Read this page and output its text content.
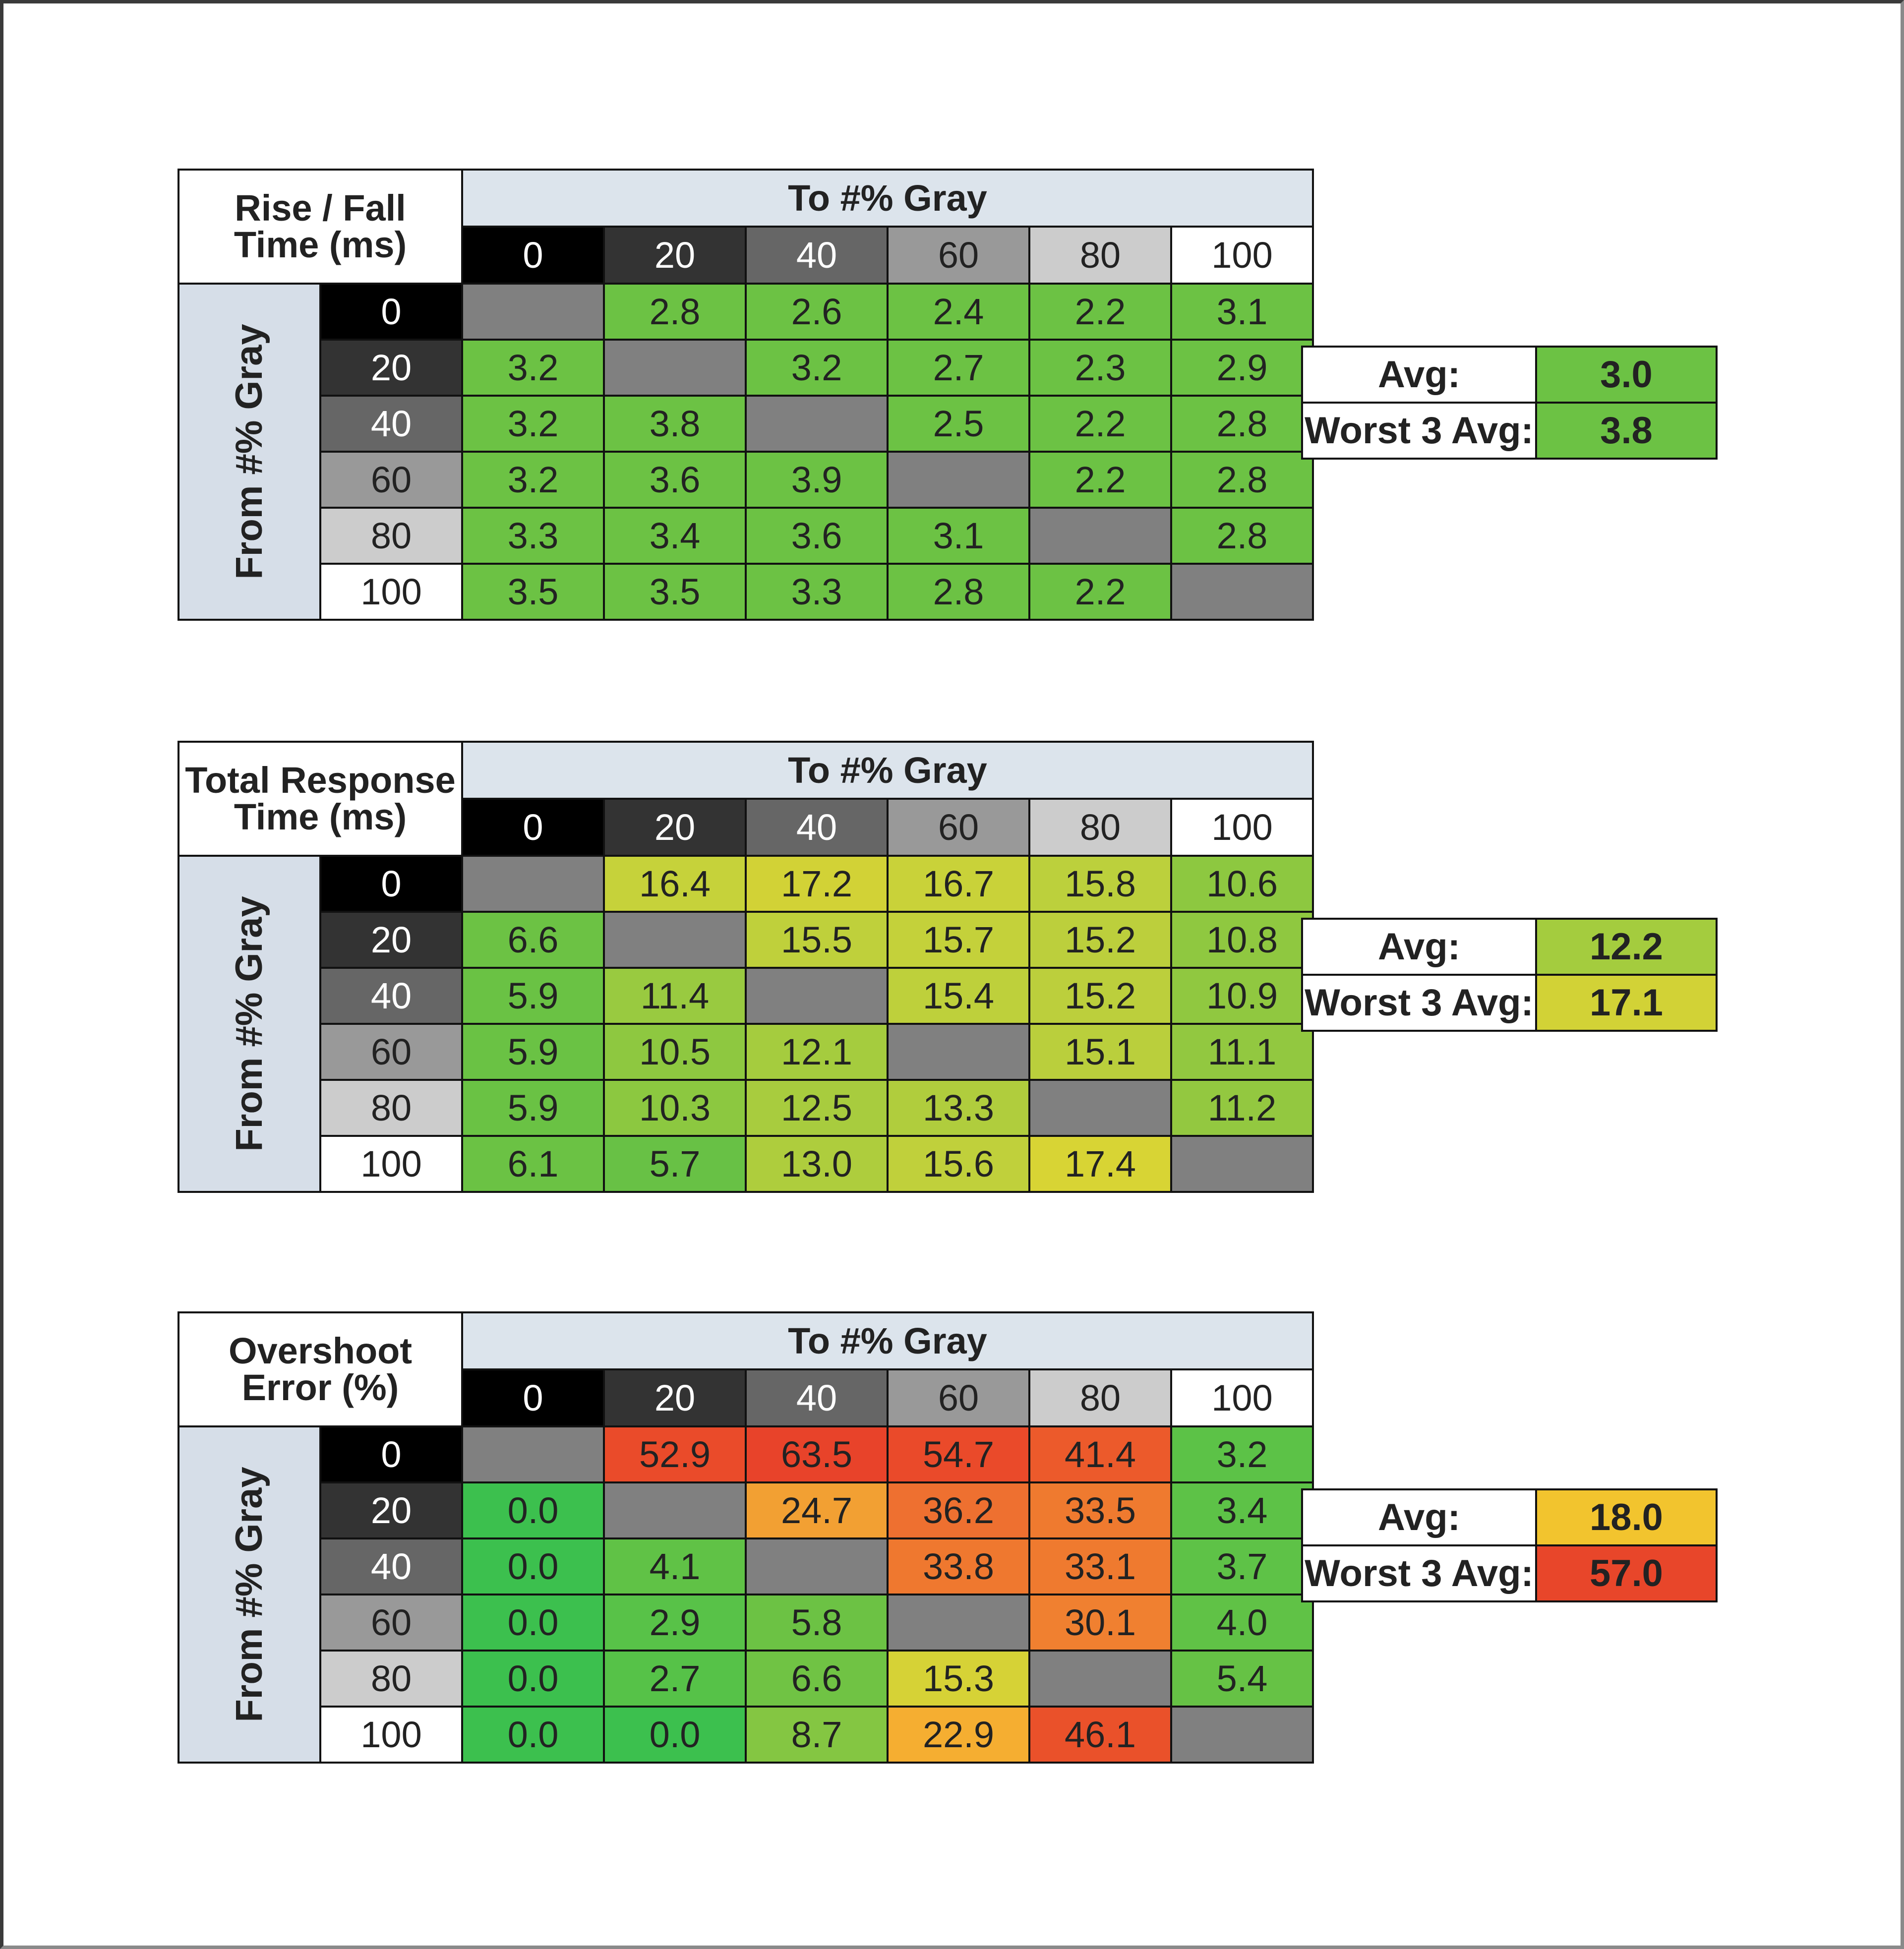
Rise / Fall
Time (ms)		To #% Gray					
		0	20	40	60	80	100

From #% Gray	0		2.8	2.6	2.4	2.2	3.1
	20	3.2		3.2	2.7	2.3	2.9
	40	3.2	3.8		2.5	2.2	2.8
	60	3.2	3.6	3.9		2.2	2.8
	80	3.3	3.4	3.6	3.1		2.8
	100	3.5	3.5	3.3	2.8	2.2	
Avg:	3.0
Worst 3 Avg:	3.8
Total Response
Time (ms)		To #% Gray					
		0	20	40	60	80	100

From #% Gray	0		16.4	17.2	16.7	15.8	10.6
	20	6.6		15.5	15.7	15.2	10.8
	40	5.9	11.4		15.4	15.2	10.9
	60	5.9	10.5	12.1		15.1	11.1
	80	5.9	10.3	12.5	13.3		11.2
	100	6.1	5.7	13.0	15.6	17.4	
Avg:	12.2
Worst 3 Avg:	17.1
Overshoot
Error (%)		To #% Gray					
		0	20	40	60	80	100

From #% Gray	0		52.9	63.5	54.7	41.4	3.2
	20	0.0		24.7	36.2	33.5	3.4
	40	0.0	4.1		33.8	33.1	3.7
	60	0.0	2.9	5.8		30.1	4.0
	80	0.0	2.7	6.6	15.3		5.4
	100	0.0	0.0	8.7	22.9	46.1	
Avg:	18.0
Worst 3 Avg:	57.0
